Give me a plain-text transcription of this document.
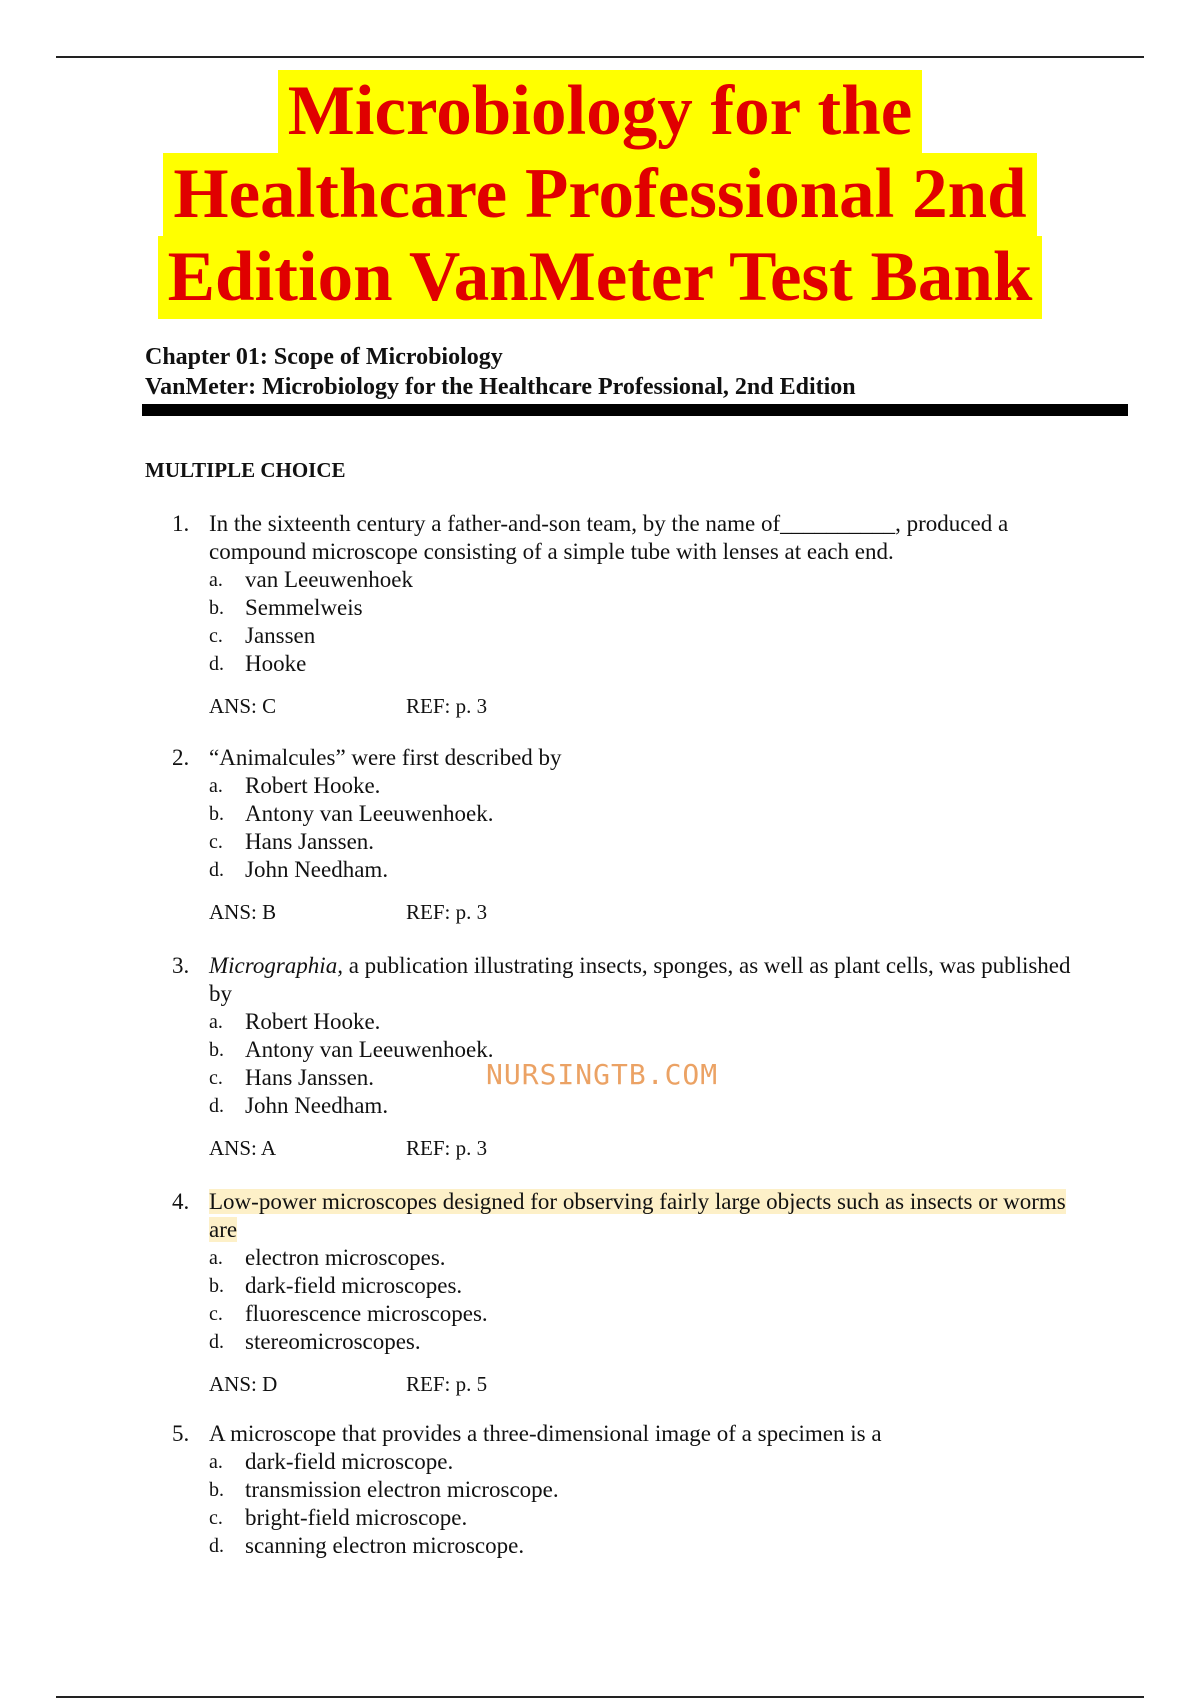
Microbiology for the
Healthcare Professional 2nd
Edition VanMeter Test Bank
Chapter 01: Scope of Microbiology
VanMeter: Microbiology for the Healthcare Professional, 2nd Edition
MULTIPLE CHOICE
1. In the sixteenth century a father-and-son team, by the name of__________, produced a
compound microscope consisting of a simple tube with lenses at each end.
a. van Leeuwenhoek
b. Semmelweis
c. Janssen
d. Hooke
ANS: C	REF: p. 3
2. “Animalcules” were first described by
a. Robert Hooke.
b. Antony van Leeuwenhoek.
c. Hans Janssen.
d. John Needham.
ANS: B	REF: p. 3
3. Micrographia, a publication illustrating insects, sponges, as well as plant cells, was published
by
a. Robert Hooke.
b. Antony van Leeuwenhoek.
c. Hans Janssen.
d. John Needham.
ANS: A	REF: p. 3
NURSINGTB.COM
4. Low-power microscopes designed for observing fairly large objects such as insects or worms
are
a. electron microscopes.
b. dark-field microscopes.
c. fluorescence microscopes.
d. stereomicroscopes.
ANS: D	REF: p. 5
5. A microscope that provides a three-dimensional image of a specimen is a
a. dark-field microscope.
b. transmission electron microscope.
c. bright-field microscope.
d. scanning electron microscope.
